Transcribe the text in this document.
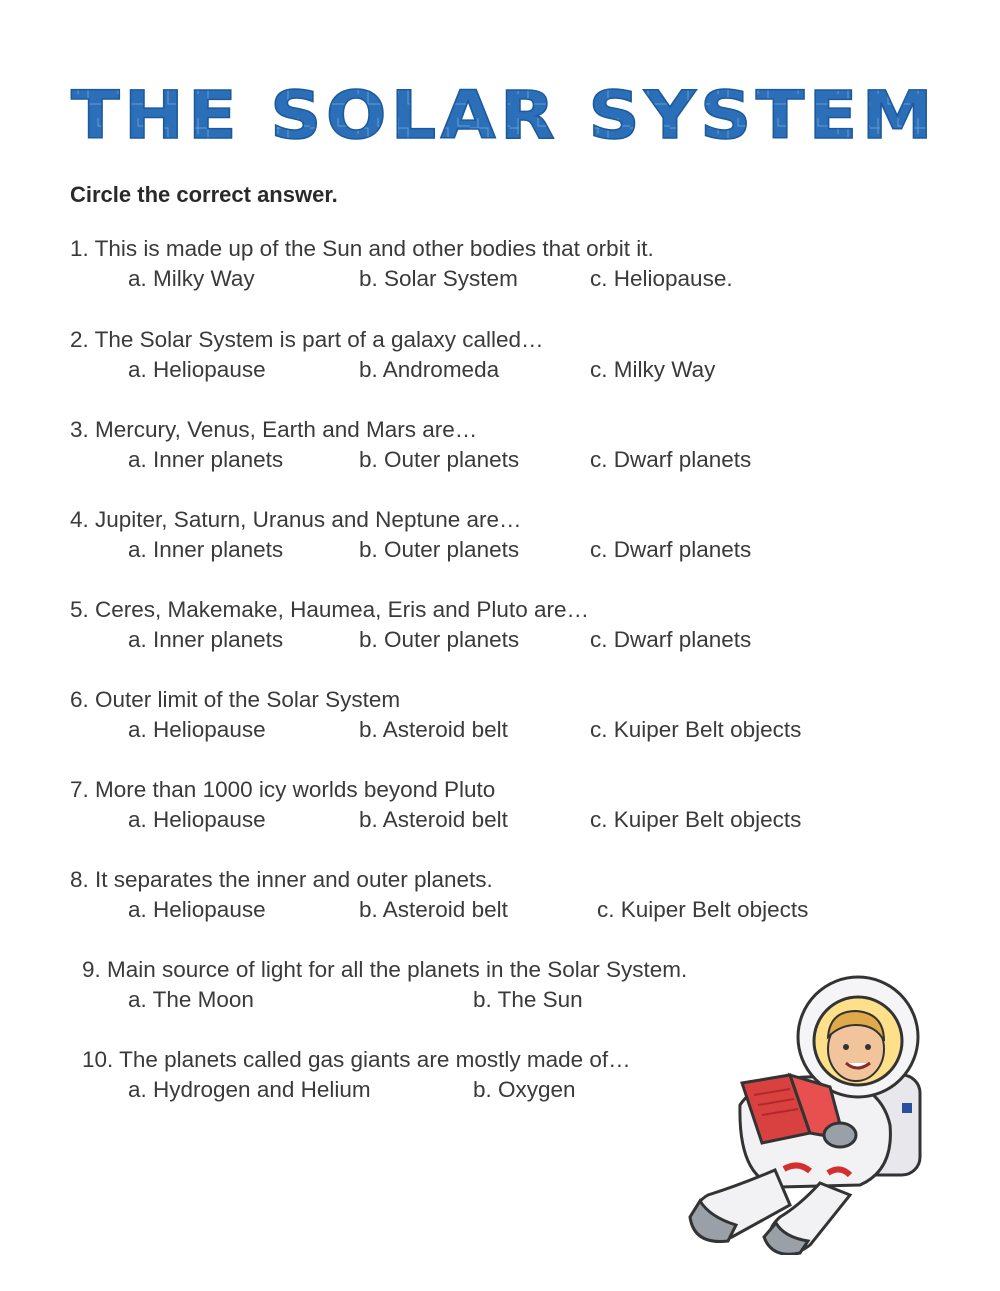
THE SOLAR SYSTEM
Circle the correct answer.
1. This is made up of the Sun and other bodies that orbit it.
a. Milky Way	b. Solar System	c. Heliopause.
2. The Solar System is part of a galaxy called…
a. Heliopause	b. Andromeda	c. Milky Way
3. Mercury, Venus, Earth and Mars are…
a. Inner planets	b. Outer planets	c. Dwarf planets
4. Jupiter, Saturn, Uranus and Neptune are…
a. Inner planets	b. Outer planets	c. Dwarf planets
5. Ceres, Makemake, Haumea, Eris and Pluto are…
a. Inner planets	b. Outer planets	c. Dwarf planets
6. Outer limit of the Solar System
a. Heliopause	b. Asteroid belt	c. Kuiper Belt objects
7. More than 1000 icy worlds beyond Pluto
a. Heliopause	b. Asteroid belt	c. Kuiper Belt objects
8. It separates the inner and outer planets.
a. Heliopause	b. Asteroid belt	c. Kuiper Belt objects
9. Main source of light for all the planets in the Solar System.
a. The Moon	b. The Sun
10. The planets called gas giants are mostly made of…
a. Hydrogen and Helium	b. Oxygen
